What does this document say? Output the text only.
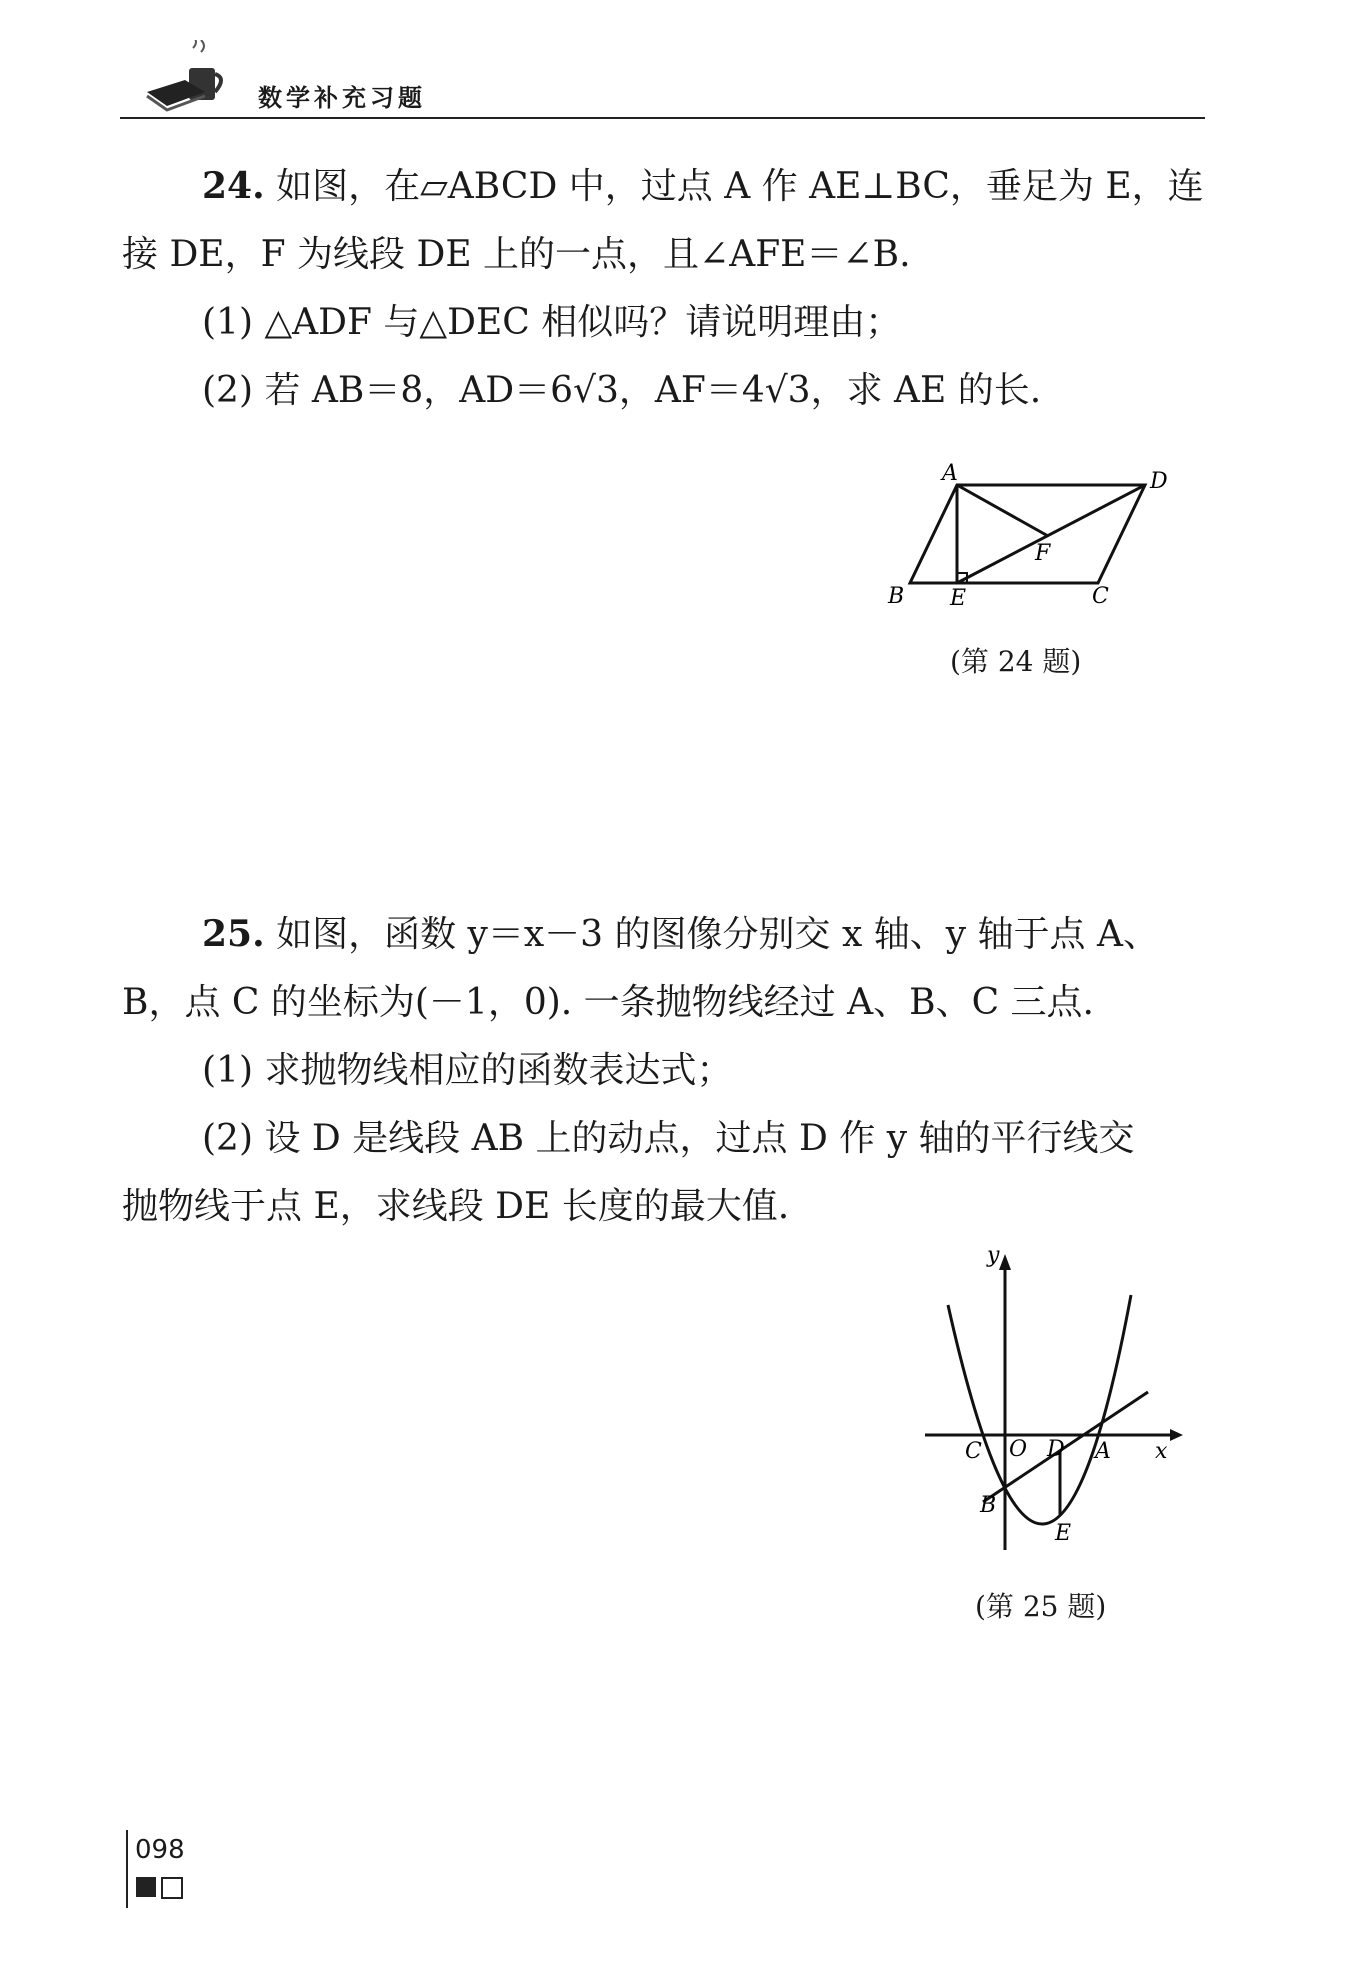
数学补充习题
24. 如图，在▱ABCD 中，过点 A 作 AE⊥BC，垂足为 E，连
接 DE，F 为线段 DE 上的一点，且∠AFE＝∠B.
(1) △ADF 与△DEC 相似吗？请说明理由；
(2) 若 AB＝8，AD＝6√3，AF＝4√3，求 AE 的长.
A	D
F
B E	C
(第 24 题)
25. 如图，函数 y＝x－3 的图像分别交 x 轴、y 轴于点 A、
B，点 C 的坐标为(－1，0). 一条抛物线经过 A、B、C 三点.
(1) 求抛物线相应的函数表达式；
(2) 设 D 是线段 AB 上的动点，过点 D 作 y 轴的平行线交
抛物线于点 E，求线段 DE 长度的最大值.
y
x
C O D A
B
E
(第 25 题)
098
